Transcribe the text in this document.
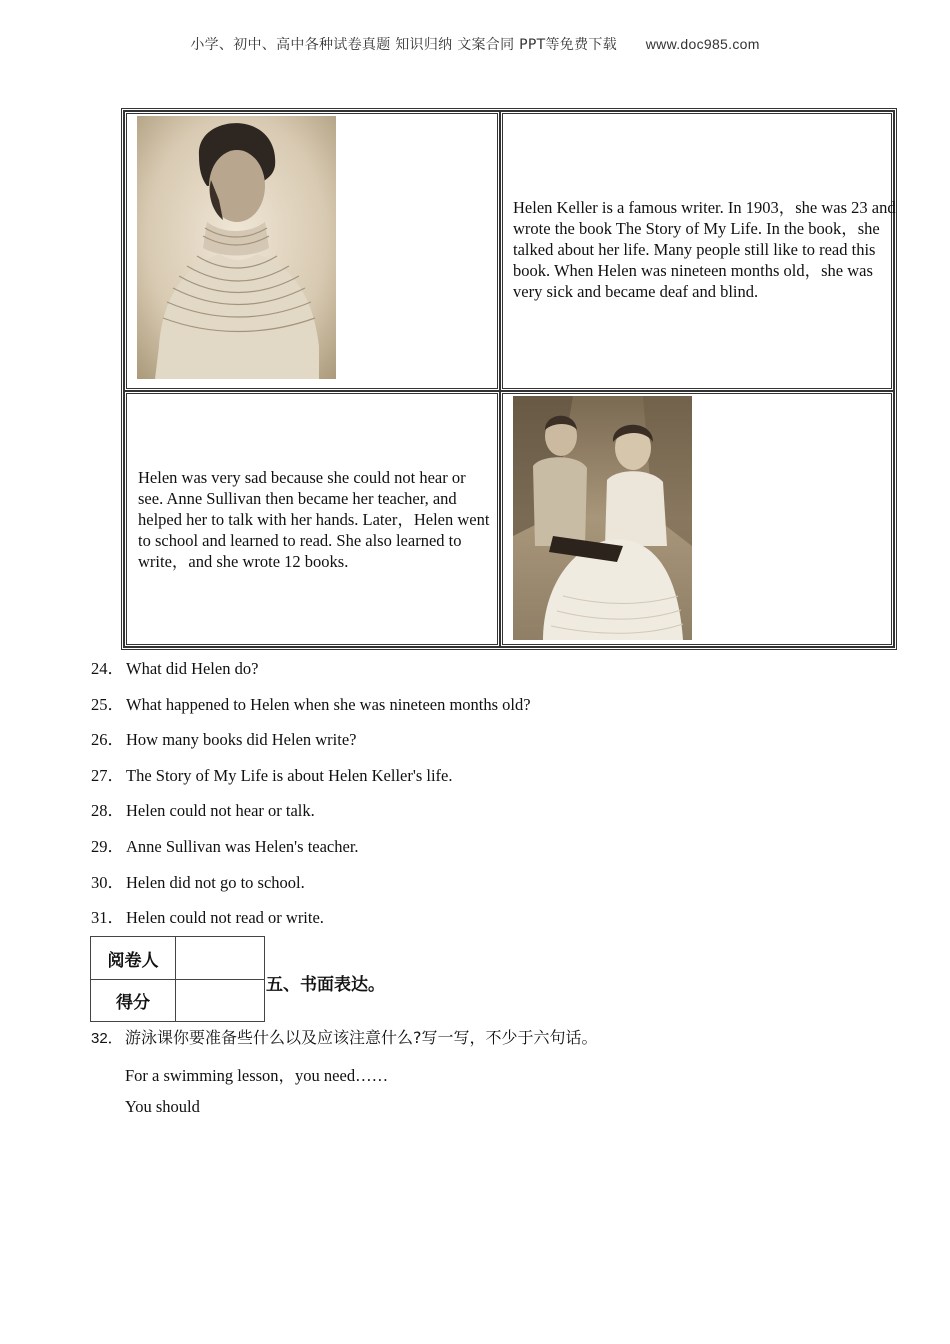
小学、初中、高中各种试卷真题 知识归纳 文案合同 PPT等免费下载 www.doc985.com
Helen Keller is a famous writer. In 1903，she was 23 and wrote the book The Story of My Life. In the book，she talked about her life. Many people still like to read this book. When Helen was nineteen months old，she was very sick and became deaf and blind.
Helen was very sad because she could not hear or see. Anne Sullivan then became her teacher, and helped her to talk with her hands. Later，Helen went to school and learned to read. She also learned to write，and she wrote 12 books.
24． What did Helen do?
25． What happened to Helen when she was nineteen months old?
26． How many books did Helen write?
27． The Story of My Life is about Helen Keller's life.
28． Helen could not hear or talk.
29． Anne Sullivan was Helen's teacher.
30． Helen did not go to school.
31． Helen could not read or write.
阅卷人
得分
五、书面表达。
32． 游泳课你要准备些什么以及应该注意什么?写一写，不少于六句话。
For a swimming lesson，you need……
You should
